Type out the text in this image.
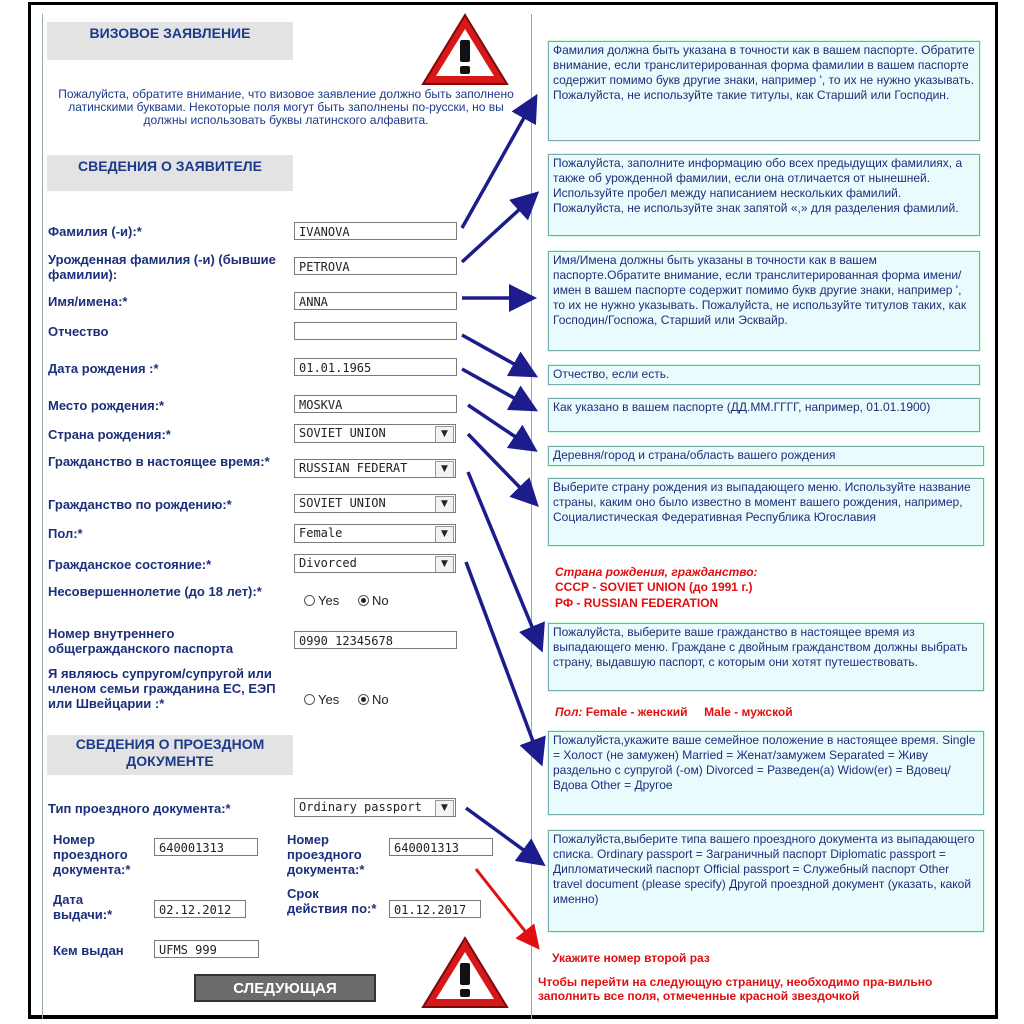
ВИЗОВОЕ ЗАЯВЛЕНИЕ
Пожалуйста, обратите внимание, что визовое заявление должно быть заполнено латинскими буквами. Некоторые поля могут быть заполнены по-русски, но вы должны использовать буквы латинского алфавита.
СВЕДЕНИЯ О ЗАЯВИТЕЛЕ
Фамилия (-и):*	IVANOVA
Урожденная фамилия (-и) (бывшие фамилии):	PETROVA
Имя/имена:*	ANNA
Отчество
Дата рождения :*	01.01.1965
Место рождения:*	MOSKVA
Страна рождения:*	SOVIET UNION	▼
Гражданство в настоящее время:*	RUSSIAN FEDERAT	▼
Гражданство по рождению:*	SOVIET UNION	▼
Пол:*	Female	▼
Гражданское состояние:*	Divorced	▼
Несовершеннолетие (до 18 лет):*
Yes	No
Номер внутреннего общегражданского паспорта	0990 12345678
Я являюсь супругом/супругой или членом семьи гражданина ЕС, ЕЭП или Швейцарии :*	Yes	No
СВЕДЕНИЯ О ПРОЕЗДНОМ ДОКУМЕНТЕ
Тип проездного документа:*	Ordinary passport	▼
Номер проездного документа:*
640001313
Номер проездного документа:*
640001313
Дата выдачи:*	02.12.2012
Срок действия по:*	01.12.2017
Кем выдан	UFMS 999
СЛЕДУЮЩАЯ
Фамилия должна быть указана в точности как в вашем паспорте. Обратите внимание, если транслитерированная форма фамилии в вашем паспорте содержит помимо букв другие знаки, например ', то их не нужно указывать. Пожалуйста, не используйте такие титулы, как Старший или Господин.
Пожалуйста, заполните информацию обо всех предыдущих фамилиях, а также об урожденной фамилии, если она отличается от нынешней. Используйте пробел между написанием нескольких фамилий. Пожалуйста, не используйте знак запятой «,» для разделения фамилий.
Имя/Имена должны быть указаны в точности как в вашем паспорте.Обратите внимание, если транслитерированная форма имени/имен в вашем паспорте содержит помимо букв другие знаки, например ', то их не нужно указывать. Пожалуйста, не используйте титулов таких, как Господин/Госпожа, Старший или Эсквайр.
Отчество, если есть.
Как указано в вашем паспорте (ДД.ММ.ГГГГ, например, 01.01.1900)
Деревня/город и страна/область вашего рождения
Выберите страну рождения из выпадающего меню. Используйте название страны, каким оно было известно в момент вашего рождения, например, Социалистическая Федеративная Республика Югославия
Страна рождения, гражданство:
СССР - SOVIET UNION (до 1991 г.)
РФ - RUSSIAN FEDERATION
Пожалуйста, выберите ваше гражданство в настоящее время из выпадающего меню. Граждане с двойным гражданством должны выбрать страну, выдавшую паспорт, с которым они хотят путешествовать.
Пол: Female - женский     Male - мужской
Пожалуйста,укажите ваше семейное положение в настоящее время. Single = Холост (не замужен) Married = Женат/замужем Separated = Живу раздельно с супругой (-ом) Divorced = Разведен(а) Widow(er) = Вдовец/Вдова Other = Другое
Пожалуйста,выберите типа вашего проездного документа из выпадающего списка. Ordinary passport = Заграничный паспорт Diplomatic passport = Дипломатический паспорт Official passport = Служебный паспорт Other travel document (please specify) Другой проездной документ (указать, какой именно)
Укажите номер второй раз
Чтобы перейти на следующую страницу, необходимо пра-вильно заполнить все поля, отмеченные красной звездочкой
